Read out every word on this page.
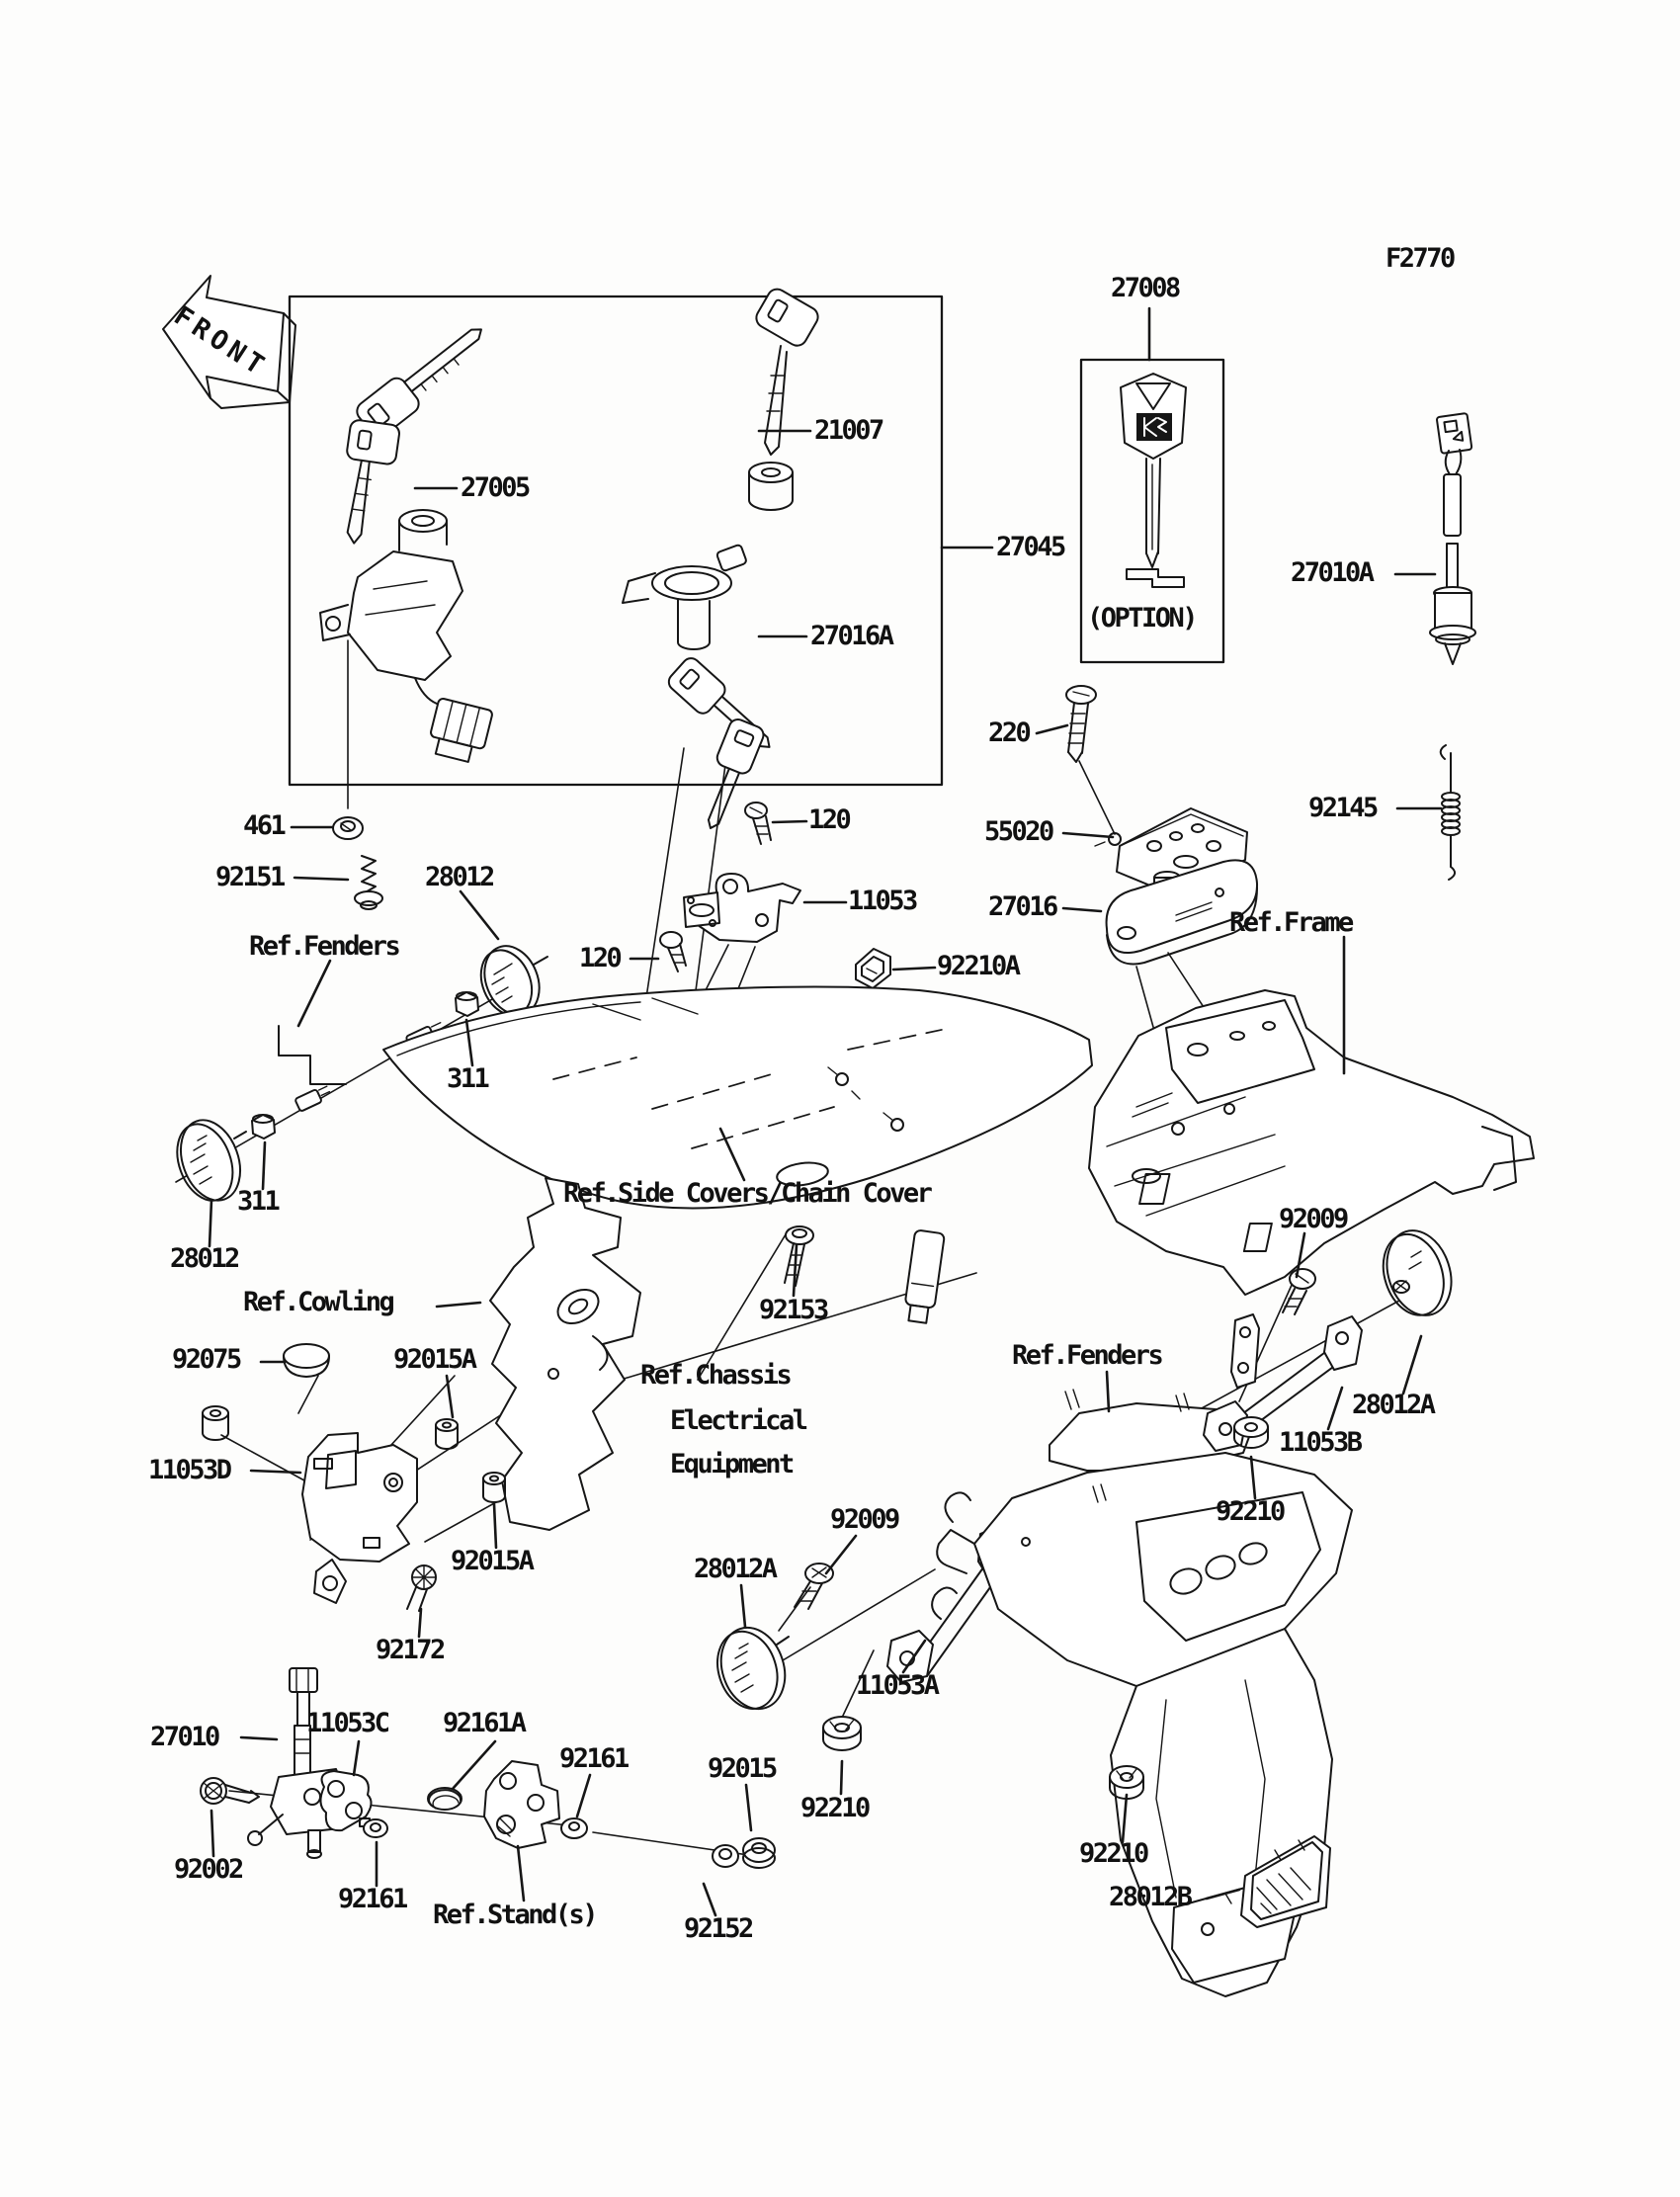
FRONT
F2770
27008
27005
21007
27045
27016A
(OPTION)
27010A
220
92145
55020
27016
Ref.Frame
461
92151	28012
120
11053
92210A
Ref.Fenders	120
311
311
28012
Ref.Side Covers/Chain Cover
Ref.Cowling	92153
92075	92015A
Ref.Chassis
Electrical
Equipment
92009
Ref.Fenders
28012A
11053B
92210
11053D
92015A
92172
92009
28012A
11053A
92210
27010	11053C 92161A
92161	92015
92002
92161
Ref.Stand(s)	92152
92210
28012B
